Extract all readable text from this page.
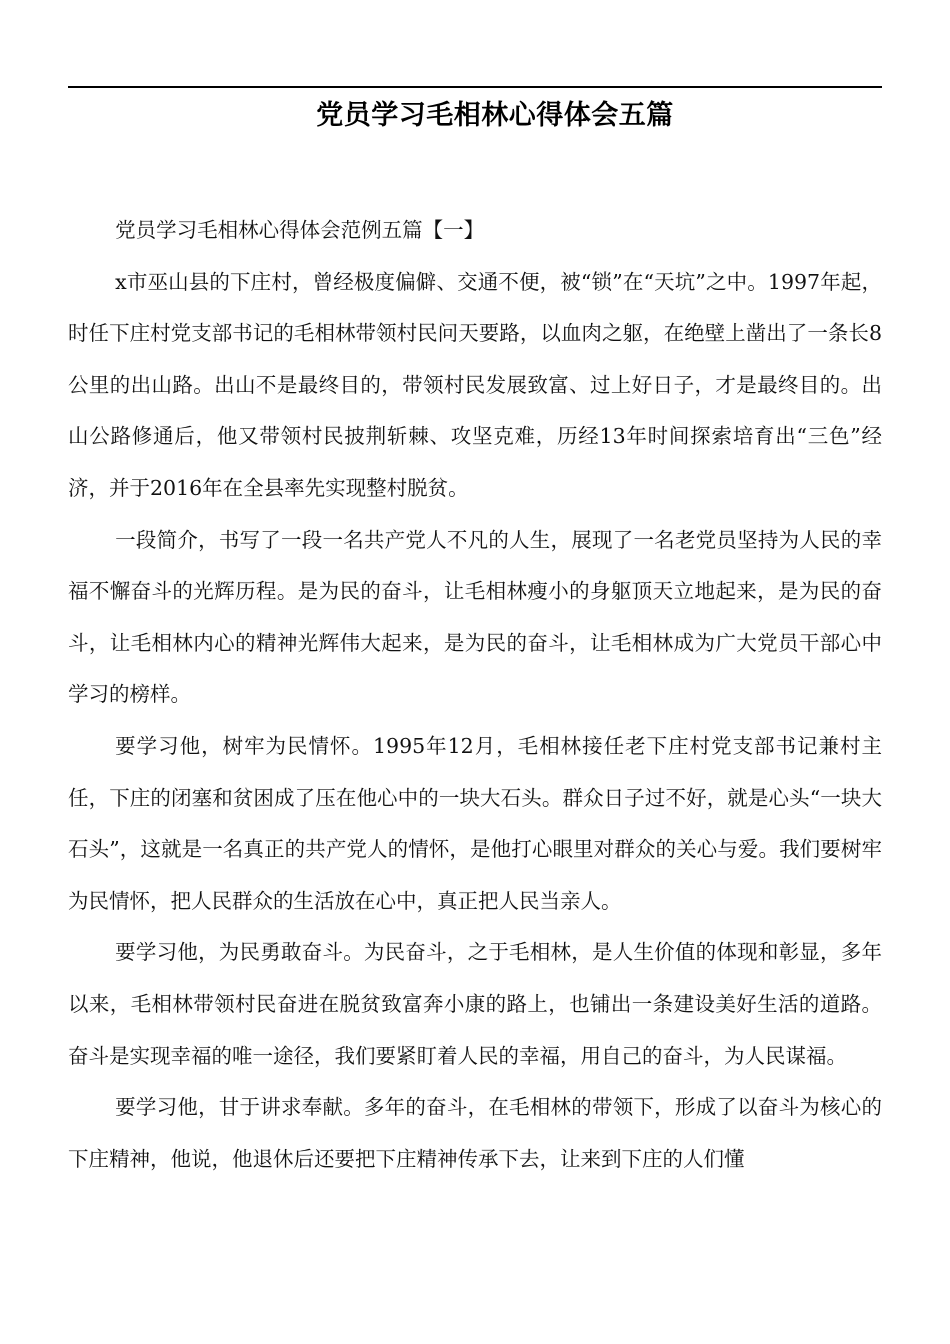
党员学习毛相林心得体会五篇

党员学习毛相林心得体会范例五篇【一】

x市巫山县的下庄村，曾经极度偏僻、交通不便，被“锁”在“天坑”之中。1997年起，时任下庄村党支部书记的毛相林带领村民问天要路，以血肉之躯，在绝壁上凿出了一条长8公里的出山路。出山不是最终目的，带领村民发展致富、过上好日子，才是最终目的。出山公路修通后，他又带领村民披荆斩棘、攻坚克难，历经13年时间探索培育出“三色”经济，并于2016年在全县率先实现整村脱贫。

一段简介，书写了一段一名共产党人不凡的人生，展现了一名老党员坚持为人民的幸福不懈奋斗的光辉历程。是为民的奋斗，让毛相林瘦小的身躯顶天立地起来，是为民的奋斗，让毛相林内心的精神光辉伟大起来，是为民的奋斗，让毛相林成为广大党员干部心中学习的榜样。

要学习他，树牢为民情怀。1995年12月，毛相林接任老下庄村党支部书记兼村主任，下庄的闭塞和贫困成了压在他心中的一块大石头。群众日子过不好，就是心头“一块大石头”，这就是一名真正的共产党人的情怀，是他打心眼里对群众的关心与爱。我们要树牢为民情怀，把人民群众的生活放在心中，真正把人民当亲人。

要学习他，为民勇敢奋斗。为民奋斗，之于毛相林，是人生价值的体现和彰显，多年以来，毛相林带领村民奋进在脱贫致富奔小康的路上，也铺出一条建设美好生活的道路。奋斗是实现幸福的唯一途径，我们要紧盯着人民的幸福，用自己的奋斗，为人民谋福。

要学习他，甘于讲求奉献。多年的奋斗，在毛相林的带领下，形成了以奋斗为核心的下庄精神，他说，他退休后还要把下庄精神传承下去，让来到下庄的人们懂
